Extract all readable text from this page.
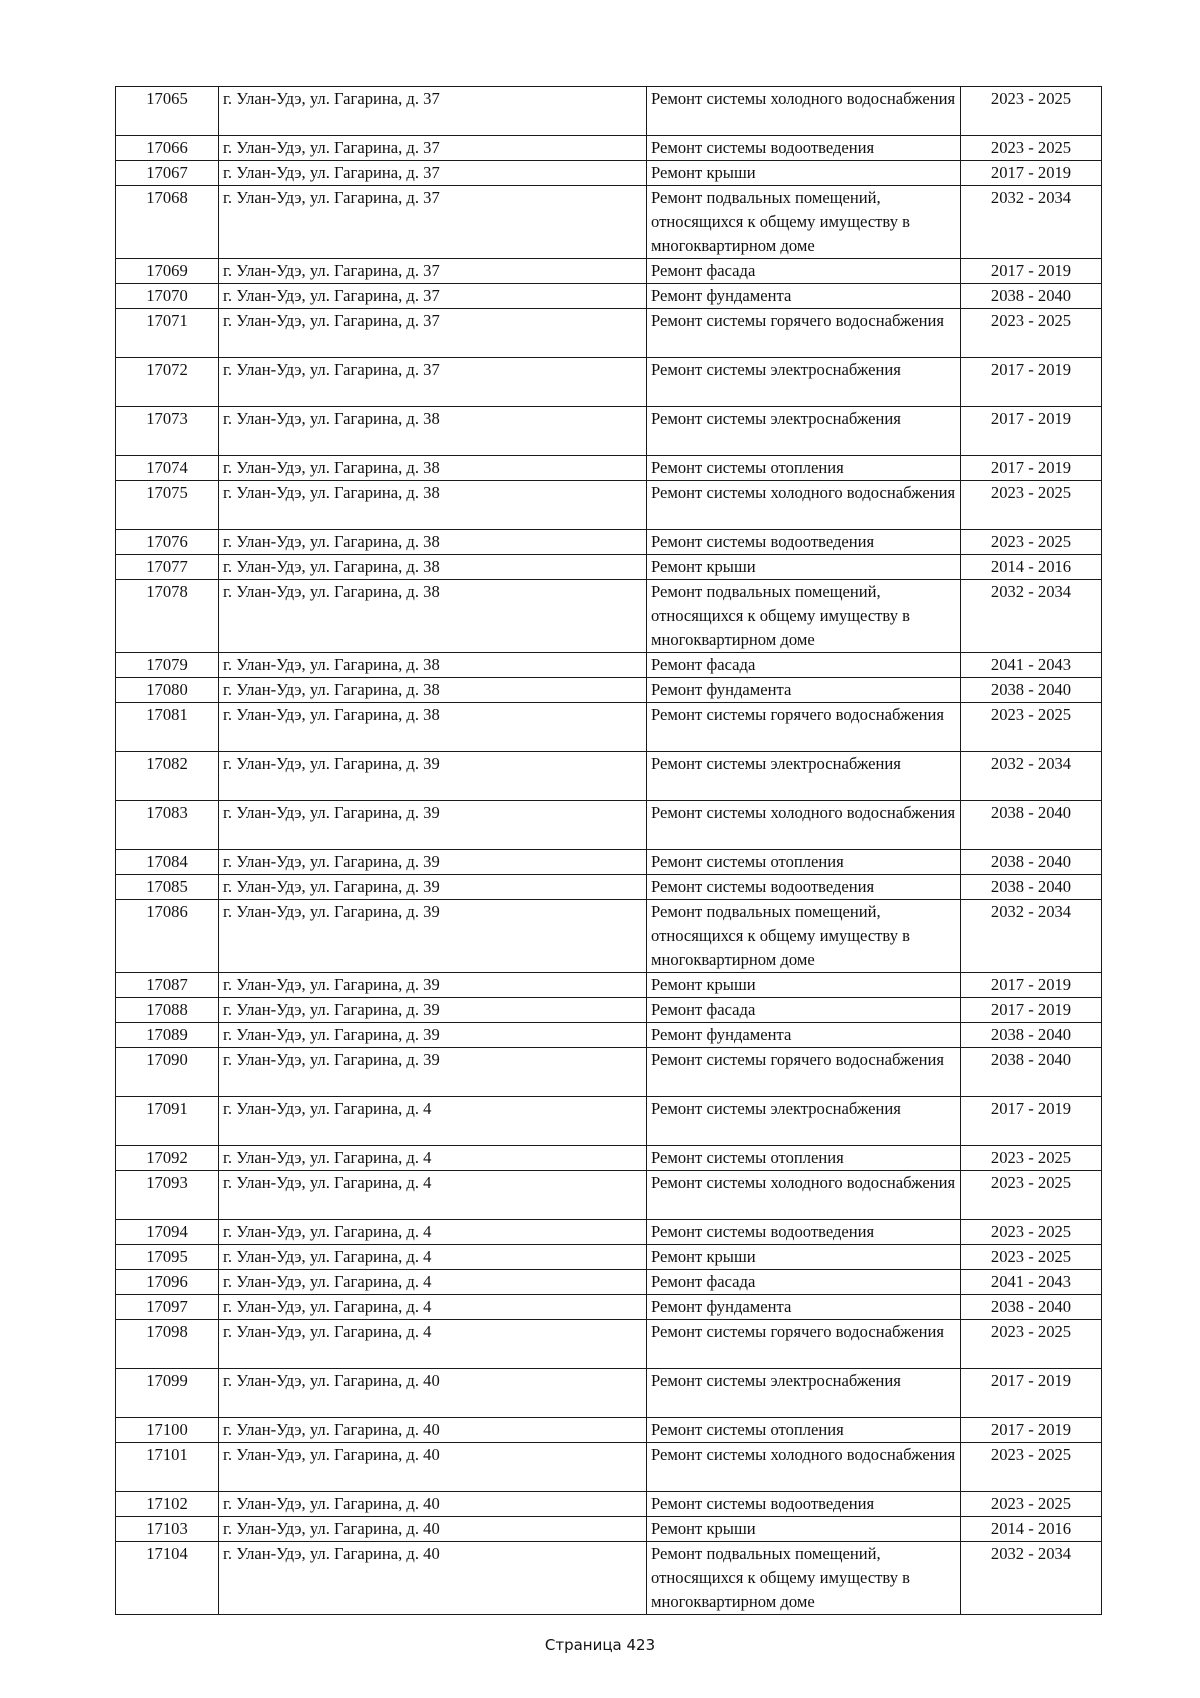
17065	г. Улан-Удэ, ул. Гагарина, д. 37	Ремонт системы холодного водоснабжения	2023 - 2025
17066	г. Улан-Удэ, ул. Гагарина, д. 37	Ремонт системы водоотведения	2023 - 2025
17067	г. Улан-Удэ, ул. Гагарина, д. 37	Ремонт крыши	2017 - 2019
17068	г. Улан-Удэ, ул. Гагарина, д. 37	Ремонт подвальных помещений, относящихся к общему имуществу в многоквартирном доме	2032 - 2034
17069	г. Улан-Удэ, ул. Гагарина, д. 37	Ремонт фасада	2017 - 2019
17070	г. Улан-Удэ, ул. Гагарина, д. 37	Ремонт фундамента	2038 - 2040
17071	г. Улан-Удэ, ул. Гагарина, д. 37	Ремонт системы горячего водоснабжения	2023 - 2025
17072	г. Улан-Удэ, ул. Гагарина, д. 37	Ремонт системы электроснабжения	2017 - 2019
17073	г. Улан-Удэ, ул. Гагарина, д. 38	Ремонт системы электроснабжения	2017 - 2019
17074	г. Улан-Удэ, ул. Гагарина, д. 38	Ремонт системы отопления	2017 - 2019
17075	г. Улан-Удэ, ул. Гагарина, д. 38	Ремонт системы холодного водоснабжения	2023 - 2025
17076	г. Улан-Удэ, ул. Гагарина, д. 38	Ремонт системы водоотведения	2023 - 2025
17077	г. Улан-Удэ, ул. Гагарина, д. 38	Ремонт крыши	2014 - 2016
17078	г. Улан-Удэ, ул. Гагарина, д. 38	Ремонт подвальных помещений, относящихся к общему имуществу в многоквартирном доме	2032 - 2034
17079	г. Улан-Удэ, ул. Гагарина, д. 38	Ремонт фасада	2041 - 2043
17080	г. Улан-Удэ, ул. Гагарина, д. 38	Ремонт фундамента	2038 - 2040
17081	г. Улан-Удэ, ул. Гагарина, д. 38	Ремонт системы горячего водоснабжения	2023 - 2025
17082	г. Улан-Удэ, ул. Гагарина, д. 39	Ремонт системы электроснабжения	2032 - 2034
17083	г. Улан-Удэ, ул. Гагарина, д. 39	Ремонт системы холодного водоснабжения	2038 - 2040
17084	г. Улан-Удэ, ул. Гагарина, д. 39	Ремонт системы отопления	2038 - 2040
17085	г. Улан-Удэ, ул. Гагарина, д. 39	Ремонт системы водоотведения	2038 - 2040
17086	г. Улан-Удэ, ул. Гагарина, д. 39	Ремонт подвальных помещений, относящихся к общему имуществу в многоквартирном доме	2032 - 2034
17087	г. Улан-Удэ, ул. Гагарина, д. 39	Ремонт крыши	2017 - 2019
17088	г. Улан-Удэ, ул. Гагарина, д. 39	Ремонт фасада	2017 - 2019
17089	г. Улан-Удэ, ул. Гагарина, д. 39	Ремонт фундамента	2038 - 2040
17090	г. Улан-Удэ, ул. Гагарина, д. 39	Ремонт системы горячего водоснабжения	2038 - 2040
17091	г. Улан-Удэ, ул. Гагарина, д. 4	Ремонт системы электроснабжения	2017 - 2019
17092	г. Улан-Удэ, ул. Гагарина, д. 4	Ремонт системы отопления	2023 - 2025
17093	г. Улан-Удэ, ул. Гагарина, д. 4	Ремонт системы холодного водоснабжения	2023 - 2025
17094	г. Улан-Удэ, ул. Гагарина, д. 4	Ремонт системы водоотведения	2023 - 2025
17095	г. Улан-Удэ, ул. Гагарина, д. 4	Ремонт крыши	2023 - 2025
17096	г. Улан-Удэ, ул. Гагарина, д. 4	Ремонт фасада	2041 - 2043
17097	г. Улан-Удэ, ул. Гагарина, д. 4	Ремонт фундамента	2038 - 2040
17098	г. Улан-Удэ, ул. Гагарина, д. 4	Ремонт системы горячего водоснабжения	2023 - 2025
17099	г. Улан-Удэ, ул. Гагарина, д. 40	Ремонт системы электроснабжения	2017 - 2019
17100	г. Улан-Удэ, ул. Гагарина, д. 40	Ремонт системы отопления	2017 - 2019
17101	г. Улан-Удэ, ул. Гагарина, д. 40	Ремонт системы холодного водоснабжения	2023 - 2025
17102	г. Улан-Удэ, ул. Гагарина, д. 40	Ремонт системы водоотведения	2023 - 2025
17103	г. Улан-Удэ, ул. Гагарина, д. 40	Ремонт крыши	2014 - 2016
17104	г. Улан-Удэ, ул. Гагарина, д. 40	Ремонт подвальных помещений, относящихся к общему имуществу в многоквартирном доме	2032 - 2034
Страница 423
